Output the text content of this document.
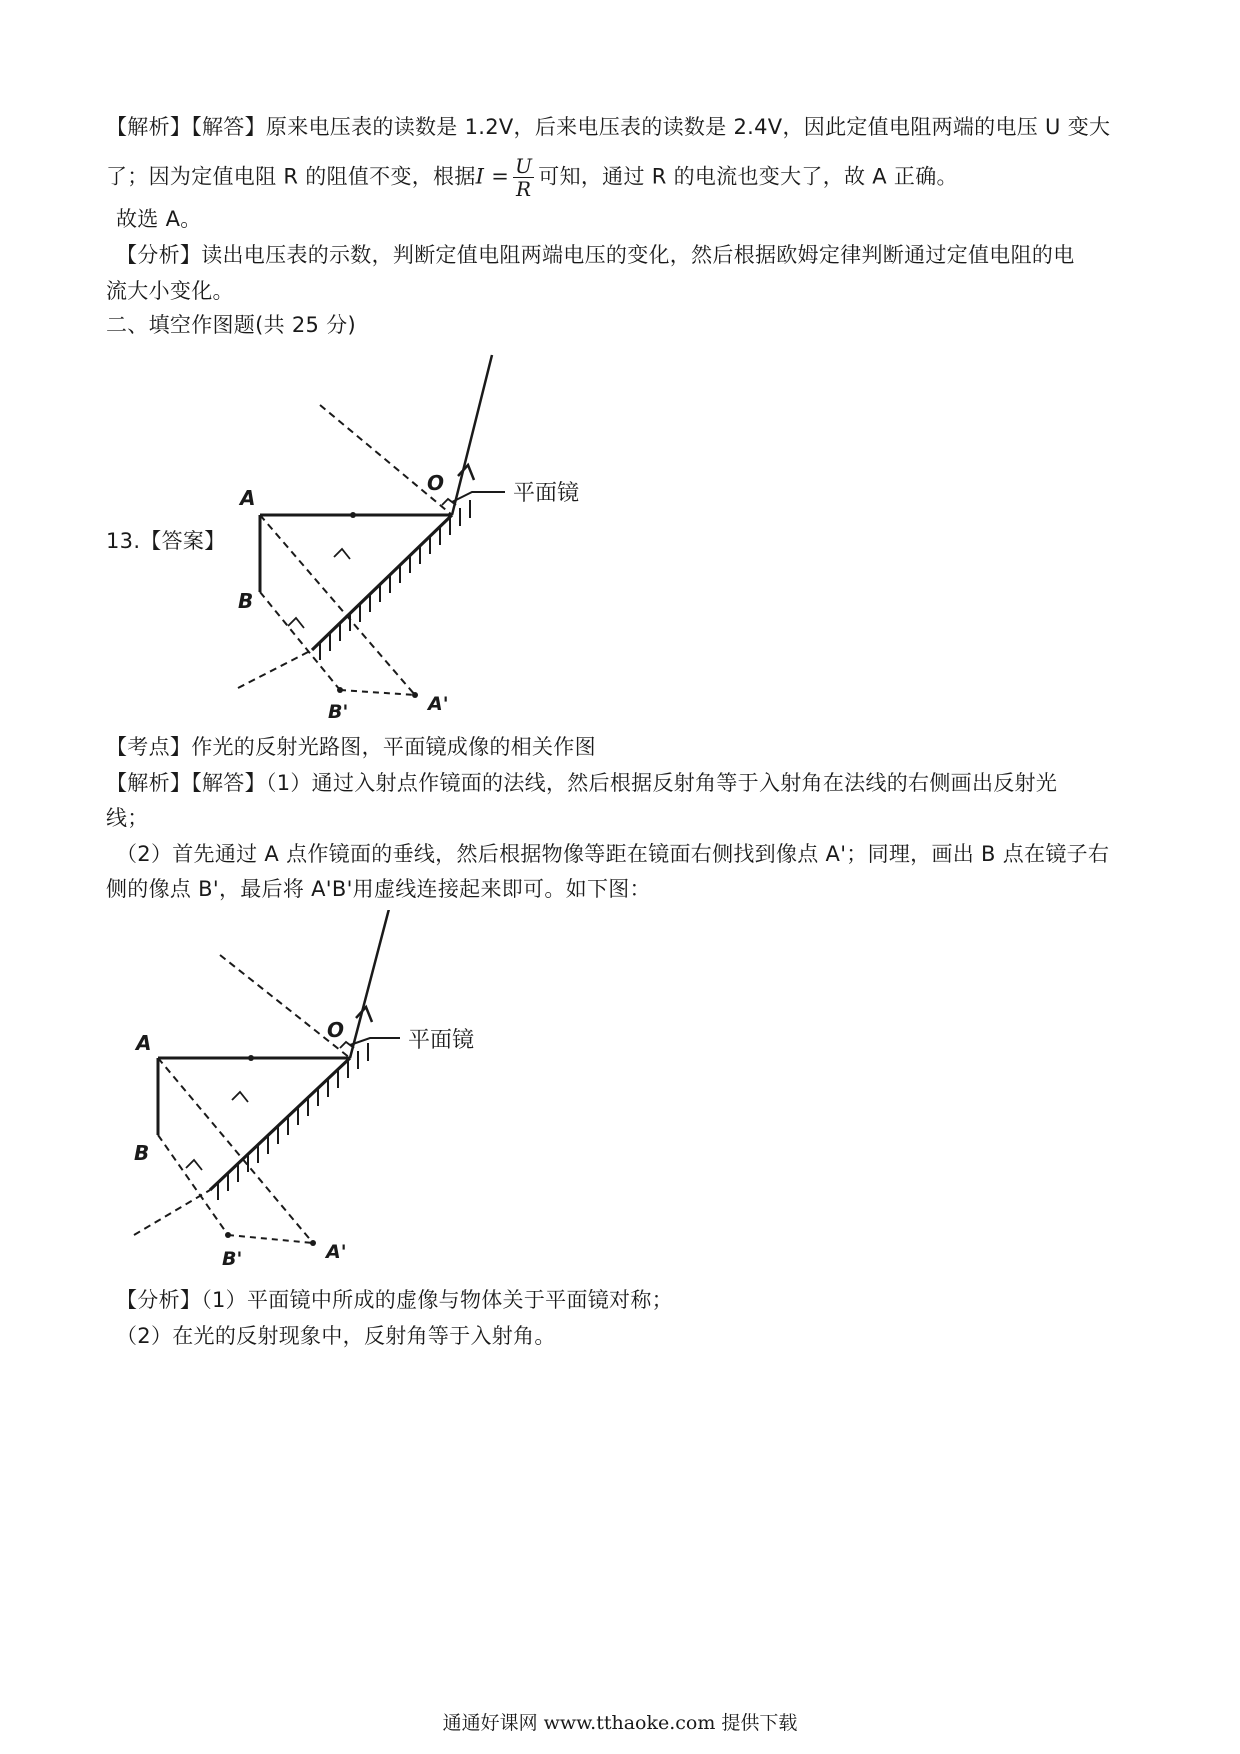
【解析】【解答】原来电压表的读数是 1.2V，后来电压表的读数是 2.4V，因此定值电阻两端的电压 U 变大
了；因为定值电阻 R 的阻值不变，根据$I = \frac{U}{R}$ 可知，通过 R 的电流也变大了，故 A 正确。
故选 A。
【分析】读出电压表的示数，判断定值电阻两端电压的变化，然后根据欧姆定律判断通过定值电阻的电
流大小变化。
二、填空作图题(共 25 分)
13.【答案】
平面镜
A
B
O
B'	A'
【考点】作光的反射光路图，平面镜成像的相关作图
【解析】【解答】（1）通过入射点作镜面的法线，然后根据反射角等于入射角在法线的右侧画出反射光
线；
（2）首先通过 A 点作镜面的垂线，然后根据物像等距在镜面右侧找到像点 A'；同理，画出 B 点在镜子右
侧的像点 B'，最后将 A'B'用虚线连接起来即可。如下图：
平面镜
A
B
O
B'	A'
【分析】（1）平面镜中所成的虚像与物体关于平面镜对称；
（2）在光的反射现象中，反射角等于入射角。
通通好课网 www.tthaoke.com 提供下载
